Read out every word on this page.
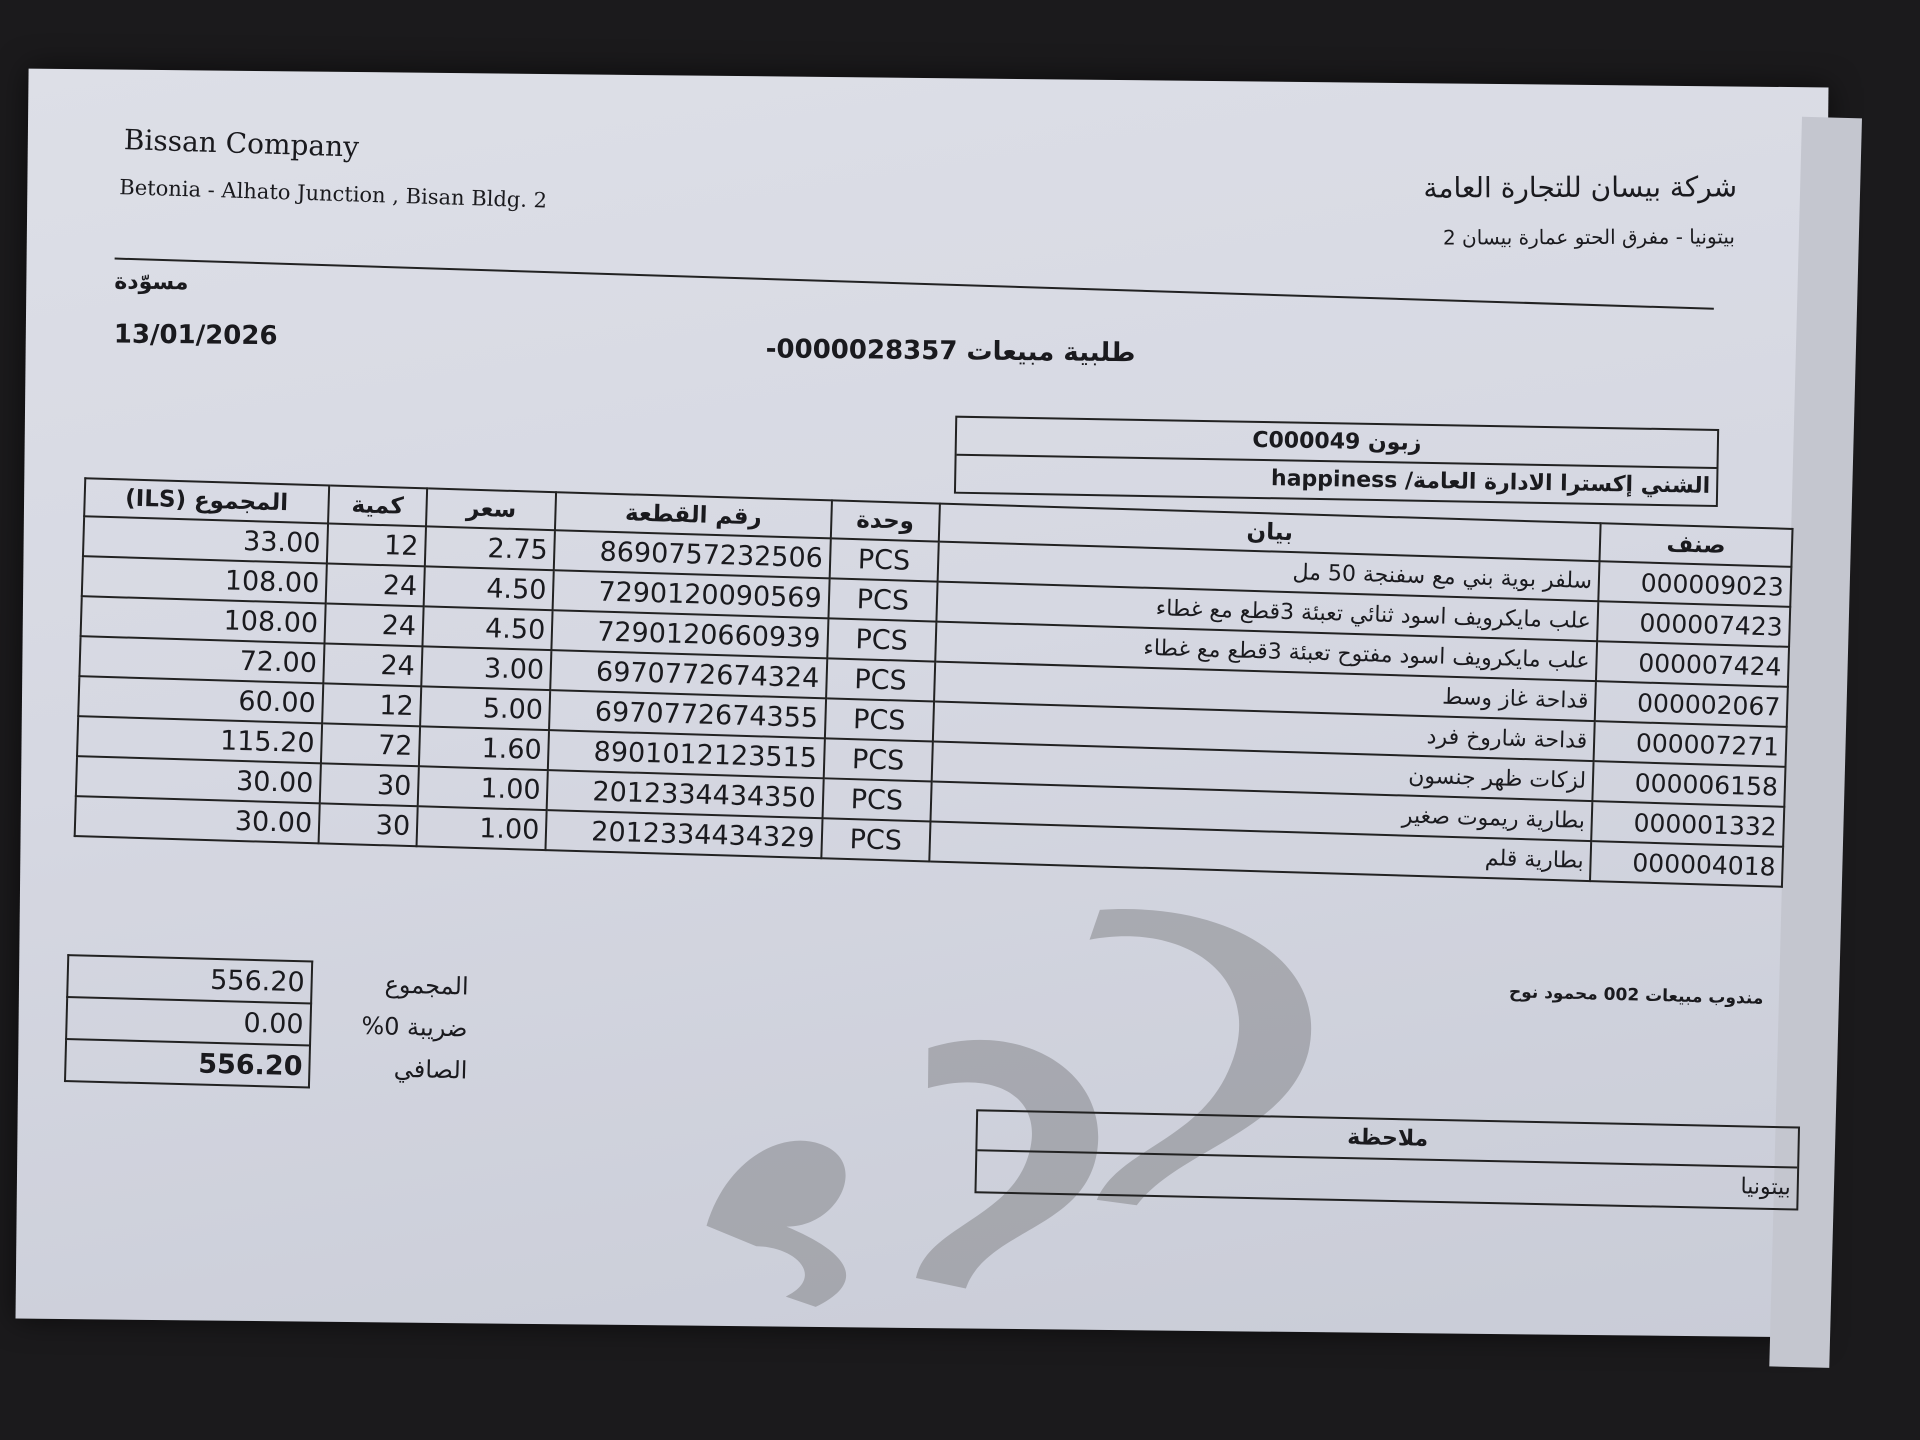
Bissan Company
Betonia - Alhato Junction , Bisan Bldg. 2	شركة بيسان للتجارة العامة
بيتونيا - مفرق الحتو عمارة بيسان 2
مسوّدة
13/01/2026	طلبية مبيعات 0000028357-
زبون C000049
الشني إكسترا الادارة العامة/ happiness
المجموع (ILS)	كمية	سعر	رقم القطعة	وحدة	بيان	صنف
33.00	12	2.75	8690757232506	PCS	سلفر بوية بني مع سفنجة 50 مل	000009023
108.00	24	4.50	7290120090569	PCS	علب مايكرويف اسود ثنائي تعبئة 3قطع مع غطاء	000007423
108.00	24	4.50	7290120660939	PCS	علب مايكرويف اسود مفتوح تعبئة 3قطع مع غطاء	000007424
72.00	24	3.00	6970772674324	PCS	قداحة غاز وسط	000002067
60.00	12	5.00	6970772674355	PCS	قداحة شاروخ فرد	000007271
115.20	72	1.60	8901012123515	PCS	لزكات ظهر جنسون	000006158
30.00	30	1.00	2012334434350	PCS	بطارية ريموت صغير	000001332
30.00	30	1.00	2012334434329	PCS	بطارية قلم	000004018
556.20	المجموع
0.00	ضريبة 0%
556.20	الصافي
مندوب مبيعات 002 محمود نوح
ملاحظة
بيتونيا
